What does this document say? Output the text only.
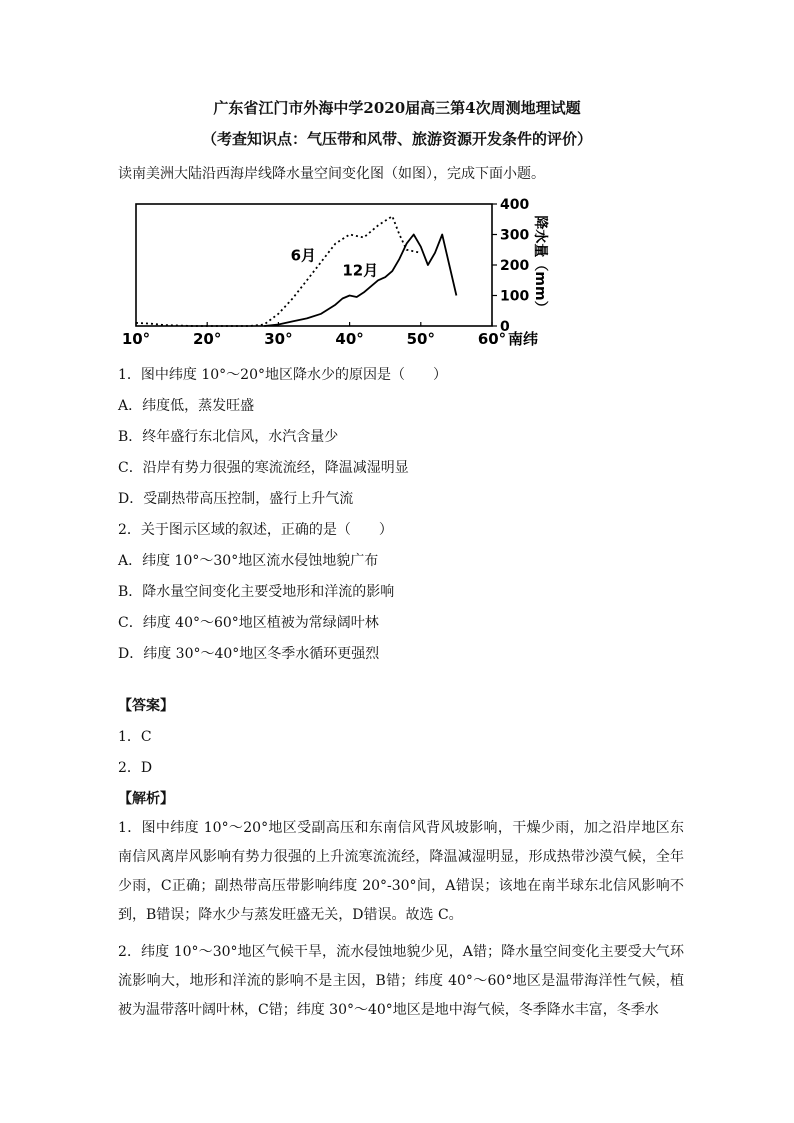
广东省江门市外海中学2020届高三第4次周测地理试题
（考查知识点：气压带和风带、旅游资源开发条件的评价）
读南美洲大陆沿西海岸线降水量空间变化图（如图），完成下面小题。
0
100
200
300
400
10°	20°	30°	40°	50°	60° 南纬
降水量（mm）
6月
12月
1．图中纬度 10°～20°地区降水少的原因是（　　）
A．纬度低，蒸发旺盛
B．终年盛行东北信风，水汽含量少
C．沿岸有势力很强的寒流流经，降温减湿明显
D．受副热带高压控制，盛行上升气流
2．关于图示区域的叙述，正确的是（　　）
A．纬度 10°～30°地区流水侵蚀地貌广布
B．降水量空间变化主要受地形和洋流的影响
C．纬度 40°～60°地区植被为常绿阔叶林
D．纬度 30°～40°地区冬季水循环更强烈
【答案】
1．C
2．D
【解析】
1．图中纬度 10°～20°地区受副高压和东南信风背风坡影响，干燥少雨，加之沿岸地区东南信风离岸风影响有势力很强的上升流寒流流经，降温减湿明显，形成热带沙漠气候，全年少雨，C正确；副热带高压带影响纬度 20°-30°间，A错误；该地在南半球东北信风影响不到，B错误；降水少与蒸发旺盛无关，D错误。故选 C。
2．纬度 10°～30°地区气候干旱，流水侵蚀地貌少见，A错；降水量空间变化主要受大气环流影响大，地形和洋流的影响不是主因，B错；纬度 40°～60°地区是温带海洋性气候，植被为温带落叶阔叶林，C错；纬度 30°～40°地区是地中海气候，冬季降水丰富，冬季水
